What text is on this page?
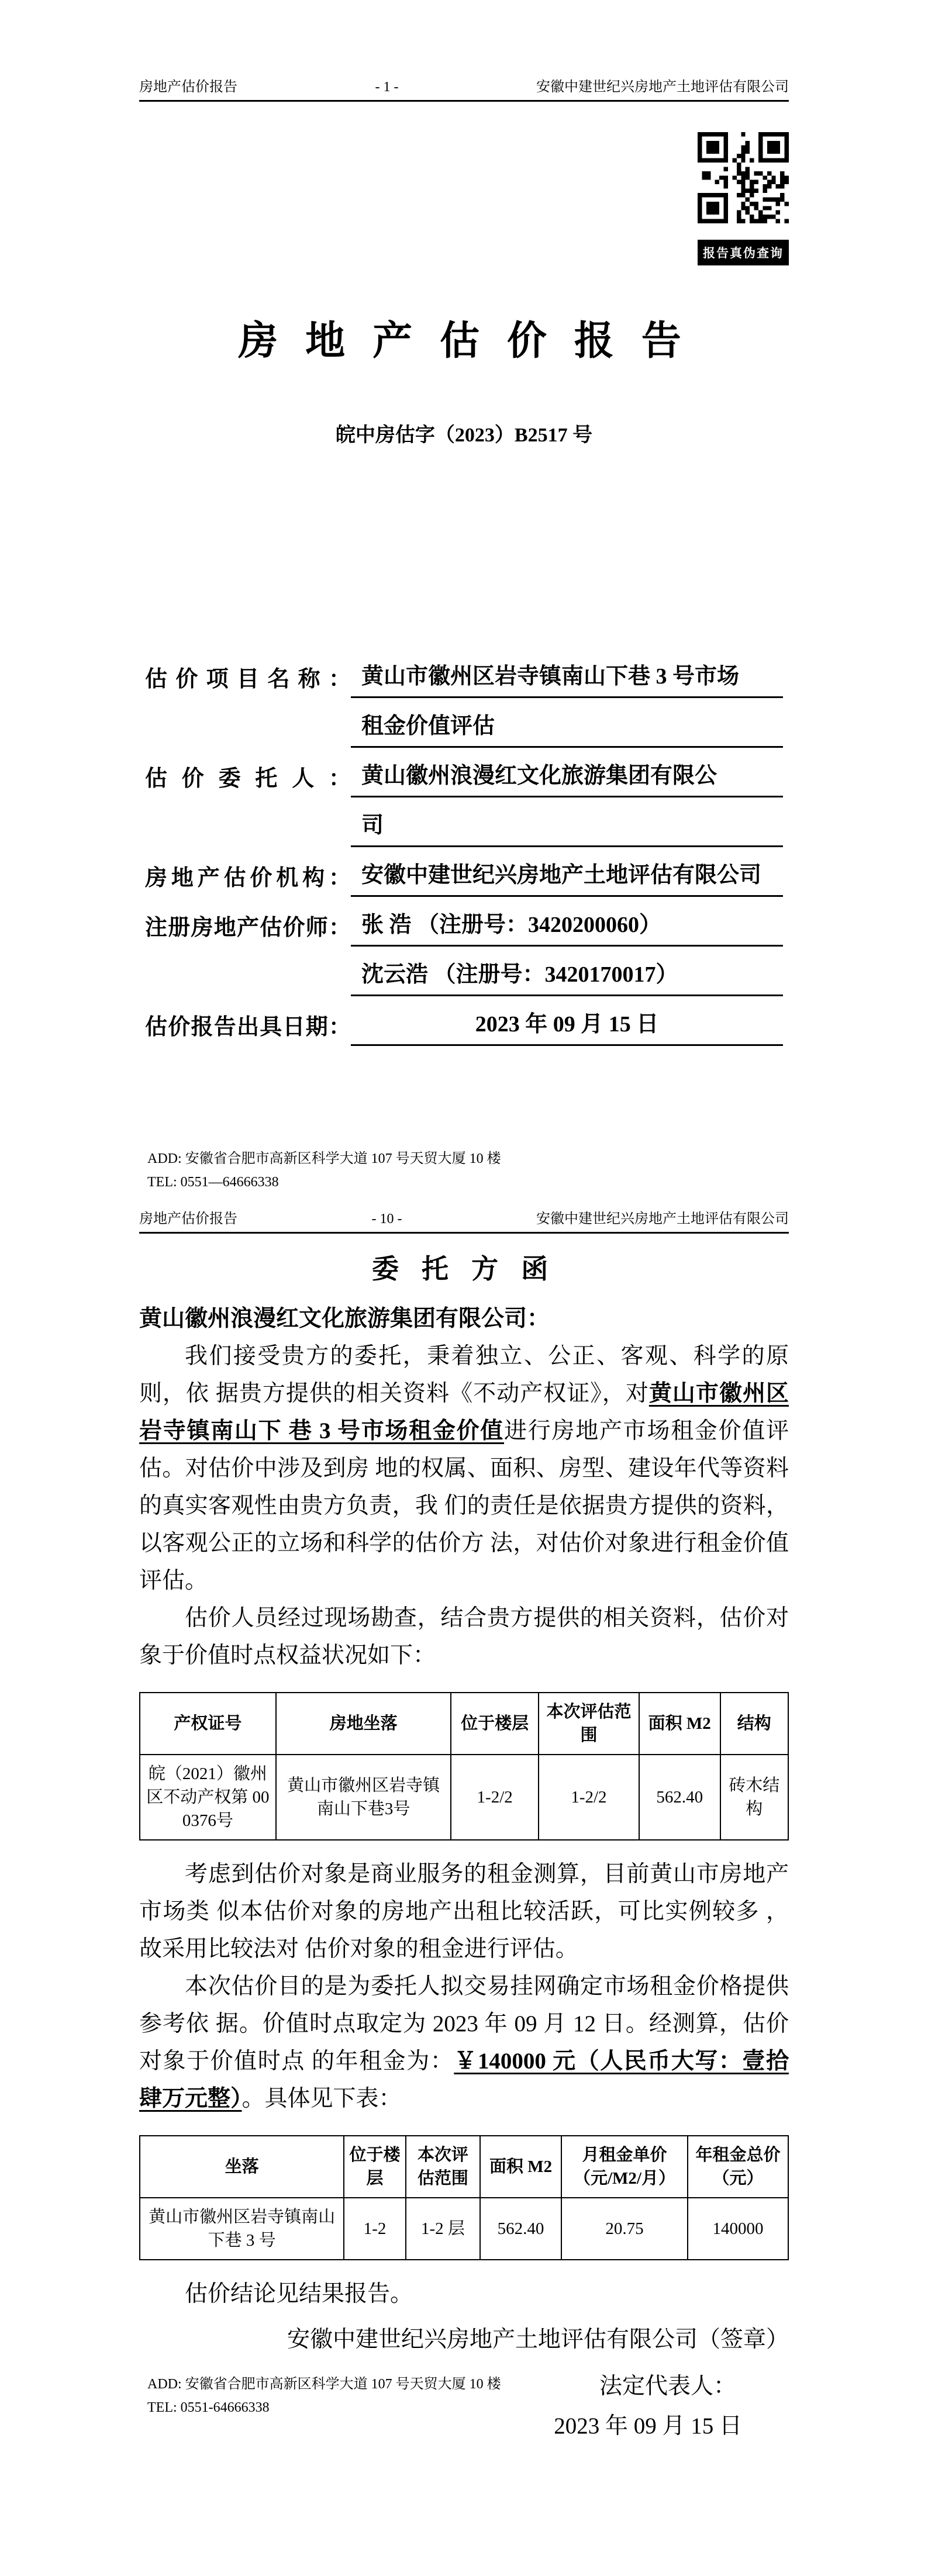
房地产估价报告	- 1 -	安徽中建世纪兴房地产土地评估有限公司
报告真伪查询
房 地 产 估 价 报 告
皖中房估字（2023）B2517 号
估价项目名称： 黄山市徽州区岩寺镇南山下巷 3 号市场
租金价值评估
估价委托人： 黄山徽州浪漫红文化旅游集团有限公
司
房地产估价机构： 安徽中建世纪兴房地产土地评估有限公司
注册房地产估价师： 张 浩 （注册号：3420200060）
沈云浩 （注册号：3420170017）
估价报告出具日期：	2023 年 09 月 15 日
ADD: 安徽省合肥市高新区科学大道 107 号天贸大厦 10 楼
TEL: 0551—64666338
房地产估价报告	- 10 -	安徽中建世纪兴房地产土地评估有限公司
委 托 方 函
黄山徽州浪漫红文化旅游集团有限公司：

我们接受贵方的委托，秉着独立、公正、客观、科学的原则，依 据贵方提供的相关资料《不动产权证》，对黄山市徽州区岩寺镇南山下 巷 3 号市场租金价值进行房地产市场租金价值评估。对估价中涉及到房 地的权属、面积、房型、建设年代等资料的真实客观性由贵方负责，我 们的责任是依据贵方提供的资料，以客观公正的立场和科学的估价方 法，对估价对象进行租金价值评估。

估价人员经过现场勘查，结合贵方提供的相关资料，估价对象于价值时点权益状况如下：

产权证号	房地坐落	位于楼层	本次评估范围	面积 M2	结构
皖（2021）徽州区不动产权第 000376号	黄山市徽州区岩寺镇南山下巷3号	1-2/2	1-2/2	562.40	砖木结构

考虑到估价对象是商业服务的租金测算，目前黄山市房地产市场类 似本估价对象的房地产出租比较活跃，可比实例较多 ，故采用比较法对 估价对象的租金进行评估。

本次估价目的是为委托人拟交易挂网确定市场租金价格提供参考依 据。价值时点取定为 2023 年 09 月 12 日。经测算，估价对象于价值时点 的年租金为：￥140000 元（人民币大写：壹拾肆万元整）。具体见下表：

坐落	位于楼层	本次评估范围	面积 M2	月租金单价（元/M2/月）	年租金总价（元）
黄山市徽州区岩寺镇南山下巷 3 号	1-2	1-2 层	562.40	20.75	140000
估价结论见结果报告。
安徽中建世纪兴房地产土地评估有限公司（签章）
法定代表人：
2023 年 09 月 15 日
ADD: 安徽省合肥市高新区科学大道 107 号天贸大厦 10 楼
TEL: 0551-64666338
